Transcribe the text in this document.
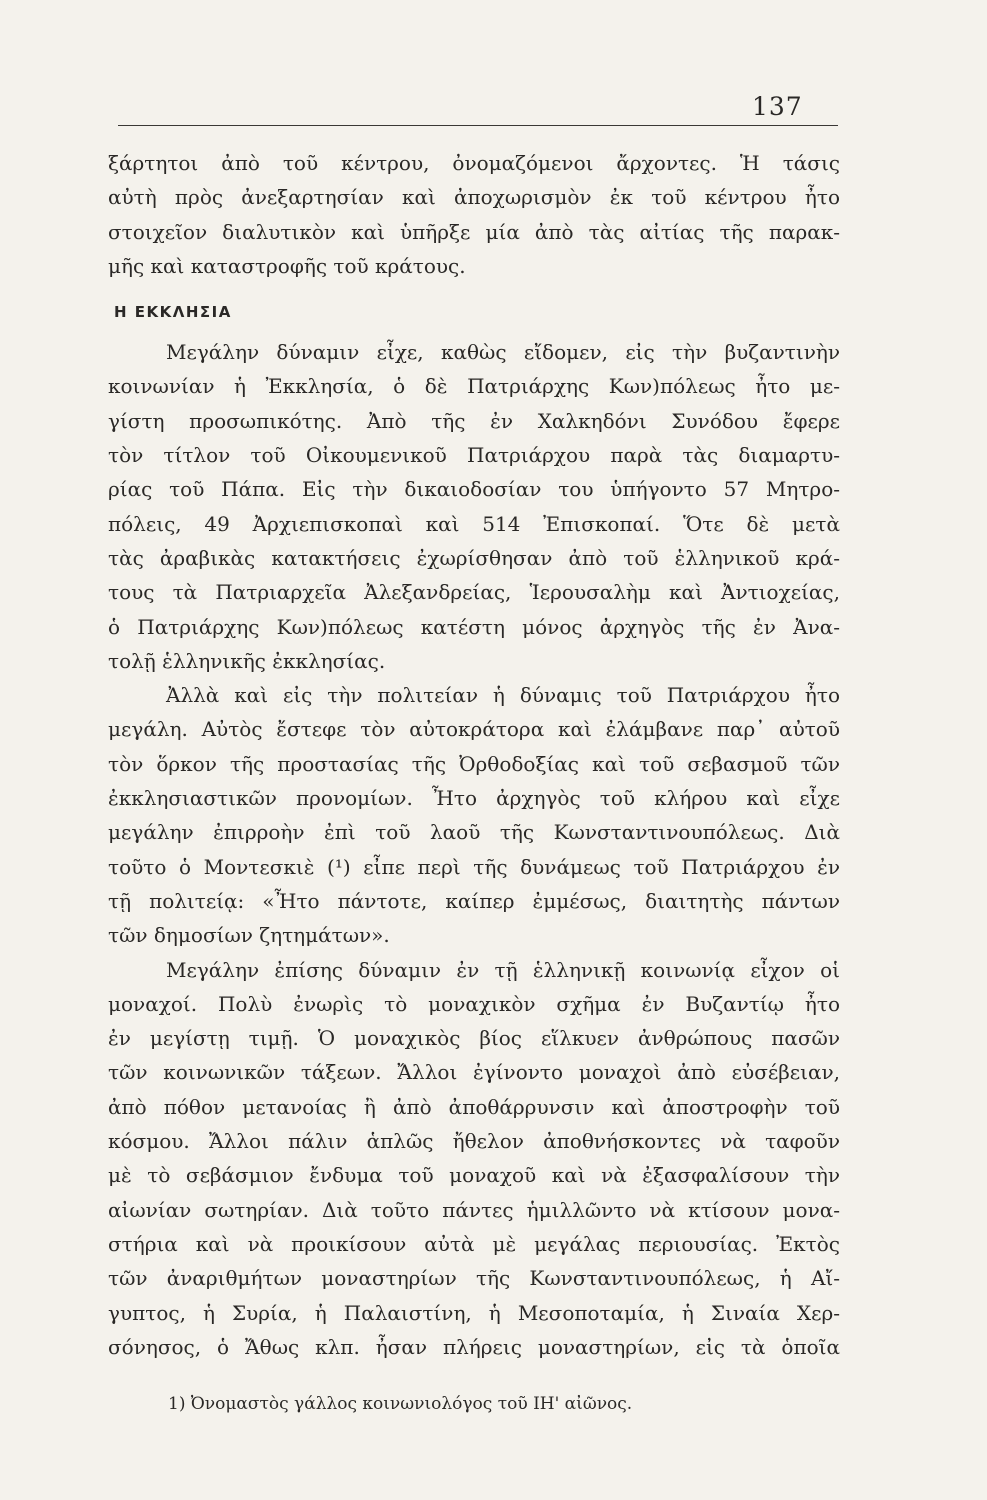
137
ξάρτητοι ἀπὸ τοῦ κέντρου, ὀνομαζόμενοι ἄρχοντες. Ἡ τάσις
αὐτὴ πρὸς ἀνεξαρτησίαν καὶ ἀποχωρισμὸν ἐκ τοῦ κέντρου ἦτο
στοιχεῖον διαλυτικὸν καὶ ὑπῆρξε μία ἀπὸ τὰς αἰτίας τῆς παρακ-
μῆς καὶ καταστροφῆς τοῦ κράτους.
Η ΕΚΚΛΗΣΙΑ
Μεγάλην δύναμιν εἶχε, καθὼς εἴδομεν, εἰς τὴν βυζαντινὴν
κοινωνίαν ἡ Ἐκκλησία, ὁ δὲ Πατριάρχης Κων)πόλεως ἦτο με-
γίστη προσωπικότης. Ἀπὸ τῆς ἐν Χαλκηδόνι Συνόδου ἔφερε
τὸν τίτλον τοῦ Οἰκουμενικοῦ Πατριάρχου παρὰ τὰς διαμαρτυ-
ρίας τοῦ Πάπα. Εἰς τὴν δικαιοδοσίαν του ὑπήγοντο 57 Μητρο-
πόλεις, 49 Ἀρχιεπισκοπαὶ καὶ 514 Ἐπισκοπαί. Ὅτε δὲ μετὰ
τὰς ἀραβικὰς κατακτήσεις ἐχωρίσθησαν ἀπὸ τοῦ ἑλληνικοῦ κρά-
τους τὰ Πατριαρχεῖα Ἀλεξανδρείας, Ἱερουσαλὴμ καὶ Ἀντιοχείας,
ὁ Πατριάρχης Κων)πόλεως κατέστη μόνος ἀρχηγὸς τῆς ἐν Ἀνα-
τολῇ ἑλληνικῆς ἐκκλησίας.
Ἀλλὰ καὶ εἰς τὴν πολιτείαν ἡ δύναμις τοῦ Πατριάρχου ἦτο
μεγάλη. Αὐτὸς ἔστεφε τὸν αὐτοκράτορα καὶ ἐλάμβανε παρ᾽ αὐτοῦ
τὸν ὅρκον τῆς προστασίας τῆς Ὀρθοδοξίας καὶ τοῦ σεβασμοῦ τῶν
ἐκκλησιαστικῶν προνομίων. Ἦτο ἀρχηγὸς τοῦ κλήρου καὶ εἶχε
μεγάλην ἐπιρροὴν ἐπὶ τοῦ λαοῦ τῆς Κωνσταντινουπόλεως. Διὰ
τοῦτο ὁ Μοντεσκιὲ (¹) εἶπε περὶ τῆς δυνάμεως τοῦ Πατριάρχου ἐν
τῇ πολιτείᾳ: «Ἦτο πάντοτε, καίπερ ἐμμέσως, διαιτητὴς πάντων
τῶν δημοσίων ζητημάτων».
Μεγάλην ἐπίσης δύναμιν ἐν τῇ ἑλληνικῇ κοινωνίᾳ εἶχον οἱ
μοναχοί. Πολὺ ἐνωρὶς τὸ μοναχικὸν σχῆμα ἐν Βυζαντίῳ ἦτο
ἐν μεγίστῃ τιμῇ. Ὁ μοναχικὸς βίος εἵλκυεν ἀνθρώπους πασῶν
τῶν κοινωνικῶν τάξεων. Ἄλλοι ἐγίνοντο μοναχοὶ ἀπὸ εὐσέβειαν,
ἀπὸ πόθον μετανοίας ἢ ἀπὸ ἀποθάρρυνσιν καὶ ἀποστροφὴν τοῦ
κόσμου. Ἄλλοι πάλιν ἁπλῶς ἤθελον ἀποθνήσκοντες νὰ ταφοῦν
μὲ τὸ σεβάσμιον ἔνδυμα τοῦ μοναχοῦ καὶ νὰ ἐξασφαλίσουν τὴν
αἰωνίαν σωτηρίαν. Διὰ τοῦτο πάντες ἡμιλλῶντο νὰ κτίσουν μονα-
στήρια καὶ νὰ προικίσουν αὐτὰ μὲ μεγάλας περιουσίας. Ἐκτὸς
τῶν ἀναριθμήτων μοναστηρίων τῆς Κωνσταντινουπόλεως, ἡ Αἴ-
γυπτος, ἡ Συρία, ἡ Παλαιστίνη, ἡ Μεσοποταμία, ἡ Σιναία Χερ-
σόνησος, ὁ Ἄθως κλπ. ἦσαν πλήρεις μοναστηρίων, εἰς τὰ ὁποῖα
1) Ὀνομαστὸς γάλλος κοινωνιολόγος τοῦ ΙΗ' αἰῶνος.
